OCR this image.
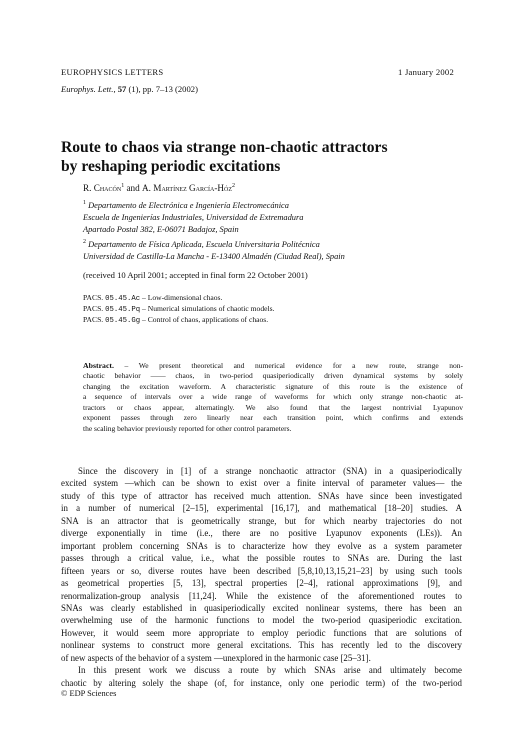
EUROPHYSICS LETTERS	1 January 2002
Europhys. Lett., 57 (1), pp. 7–13 (2002)
Route to chaos via strange non-chaotic attractors
by reshaping periodic excitations
R. Chacón$^1$ and A. Martínez García-$Hóz^2$
$^1$ Departamento de Electrónica e Ingeniería Electromecánica
Escuela de Ingenierías Industriales, Universidad de Extremadura
Apartado Postal 382, E-06071 Badajoz, Spain
$^2$ Departamento de Física Aplicada, Escuela Universitaria Politécnica
Universidad de Castilla-La Mancha - E-13400 Almadén (Ciudad Real), Spain
(received 10 April 2001; accepted in final form 22 October 2001)
PACS. 05.45.Ac – Low-dimensional chaos.
PACS. 05.45.Pq – Numerical simulations of chaotic models.
PACS. 05.45.Gg – Control of chaos, applications of chaos.
Abstract. – We present theoretical and numerical evidence for a new route, strange non-
chaotic behavior —— chaos, in two-period quasiperiodically driven dynamical systems by solely
changing the excitation waveform. A characteristic signature of this route is the existence of
a sequence of intervals over a wide range of waveforms for which only strange non-chaotic at-
tractors or chaos appear, alternatingly. We also found that the largest nontrivial Lyapunov
exponent passes through zero linearly near each transition point, which confirms and extends
the scaling behavior previously reported for other control parameters.
Since the discovery in [1] of a strange nonchaotic attractor (SNA) in a quasiperiodically
excited system —which can be shown to exist over a finite interval of parameter values— the
study of this type of attractor has received much attention. SNAs have since been investigated
in a number of numerical [2–15], experimental [16,17], and mathematical [18–20] studies. A
SNA is an attractor that is geometrically strange, but for which nearby trajectories do not
diverge exponentially in time (i.e., there are no positive Lyapunov exponents (LEs)). An
important problem concerning SNAs is to characterize how they evolve as a system parameter
passes through a critical value, i.e., what the possible routes to SNAs are. During the last
fifteen years or so, diverse routes have been described [5,8,10,13,15,21–23] by using such tools
as geometrical properties [5, 13], spectral properties [2–4], rational approximations [9], and
renormalization-group analysis [11,24]. While the existence of the aforementioned routes to
SNAs was clearly established in quasiperiodically excited nonlinear systems, there has been an
overwhelming use of the harmonic functions to model the two-period quasiperiodic excitation.
However, it would seem more appropriate to employ periodic functions that are solutions of
nonlinear systems to construct more general excitations. This has recently led to the discovery
of new aspects of the behavior of a system —unexplored in the harmonic case [25–31].
In this present work we discuss a route by which SNAs arise and ultimately become
chaotic by altering solely the shape (of, for instance, only one periodic term) of the two-period
© EDP Sciences
